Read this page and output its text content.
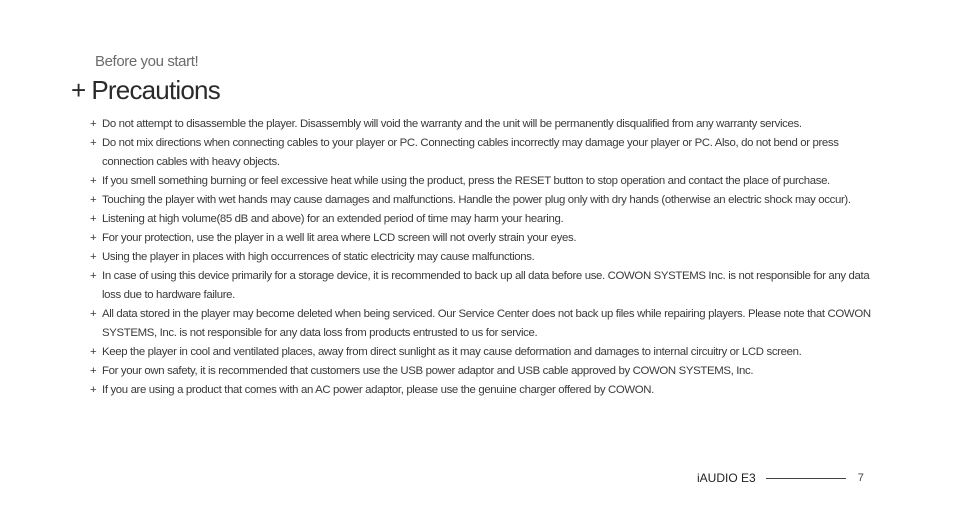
Before you start!
+ Precautions
+ Do not attempt to disassemble the player. Disassembly will void the warranty and the unit will be permanently disqualified from any warranty services.
+ Do not mix directions when connecting cables to your player or PC. Connecting cables incorrectly may damage your player or PC. Also, do not bend or press connection cables with heavy objects.
+ If you smell something burning or feel excessive heat while using the product, press the RESET button to stop operation and contact the place of purchase.
+ Touching the player with wet hands may cause damages and malfunctions. Handle the power plug only with dry hands (otherwise an electric shock may occur).
+ Listening at high volume(85 dB and above) for an extended period of time may harm your hearing.
+ For your protection, use the player in a well lit area where LCD screen will not overly strain your eyes.
+ Using the player in places with high occurrences of static electricity may cause malfunctions.
+ In case of using this device primarily for a storage device, it is recommended to back up all data before use. COWON SYSTEMS Inc. is not responsible for any data loss due to hardware failure.
+ All data stored in the player may become deleted when being serviced. Our Service Center does not back up files while repairing players. Please note that COWON SYSTEMS, Inc. is not responsible for any data loss from products entrusted to us for service.
+ Keep the player in cool and ventilated places, away from direct sunlight as it may cause deformation and damages to internal circuitry or LCD screen.
+ For your own safety, it is recommended that customers use the USB power adaptor and USB cable approved by COWON SYSTEMS, Inc.
+ If you are using a product that comes with an AC power adaptor, please use the genuine charger offered by COWON.
iAUDIO E3	7
